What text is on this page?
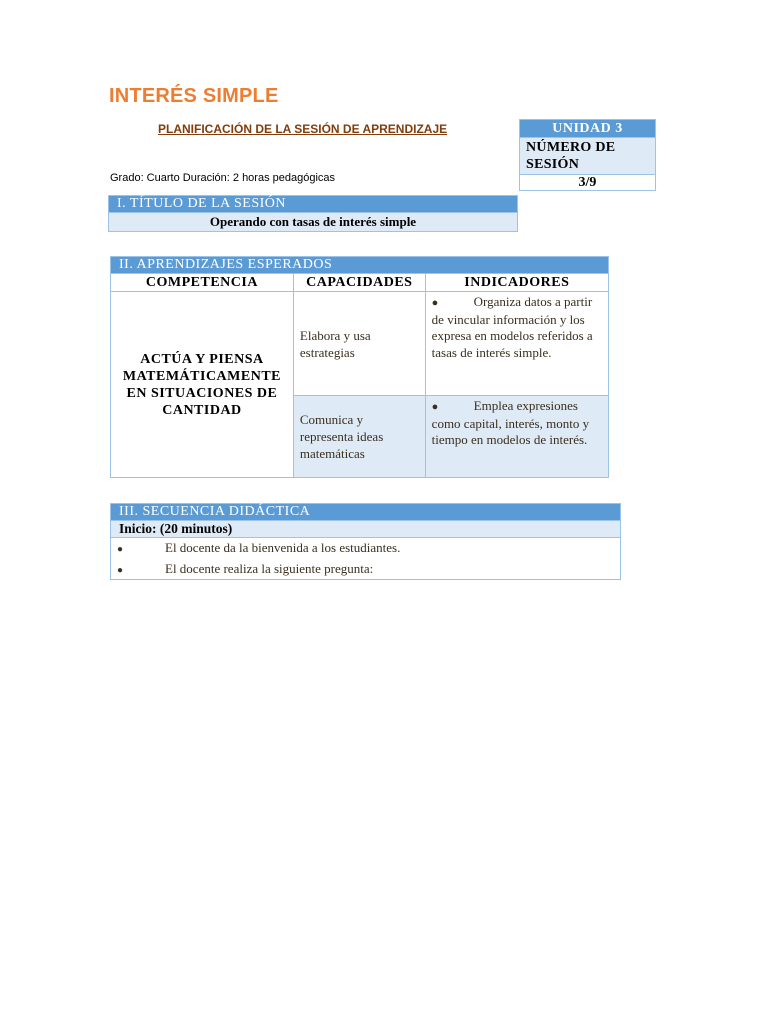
INTERÉS SIMPLE
PLANIFICACIÓN DE LA SESIÓN DE APRENDIZAJE
Grado: Cuarto Duración: 2 horas pedagógicas
UNIDAD 3
NÚMERO DE SESIÓN
3/9
I. TÍTULO DE LA SESIÓN
Operando con tasas de interés simple
II. APRENDIZAJES ESPERADOS		
COMPETENCIA	CAPACIDADES	INDICADORES
ACTÚA Y PIENSA MATEMÁTICAMENTE EN SITUACIONES DE CANTIDAD	Elabora y usa estrategias	● Organiza datos a partir de vincular información y los expresa en modelos referidos a tasas de interés simple.
	Comunica y representa ideas matemáticas	● Emplea expresiones como capital, interés, monto y tiempo en modelos de interés.
III. SECUENCIA DIDÁCTICA
Inicio: (20 minutos)

●	El docente da la bienvenida a los estudiantes.
●	El docente realiza la siguiente pregunta:
